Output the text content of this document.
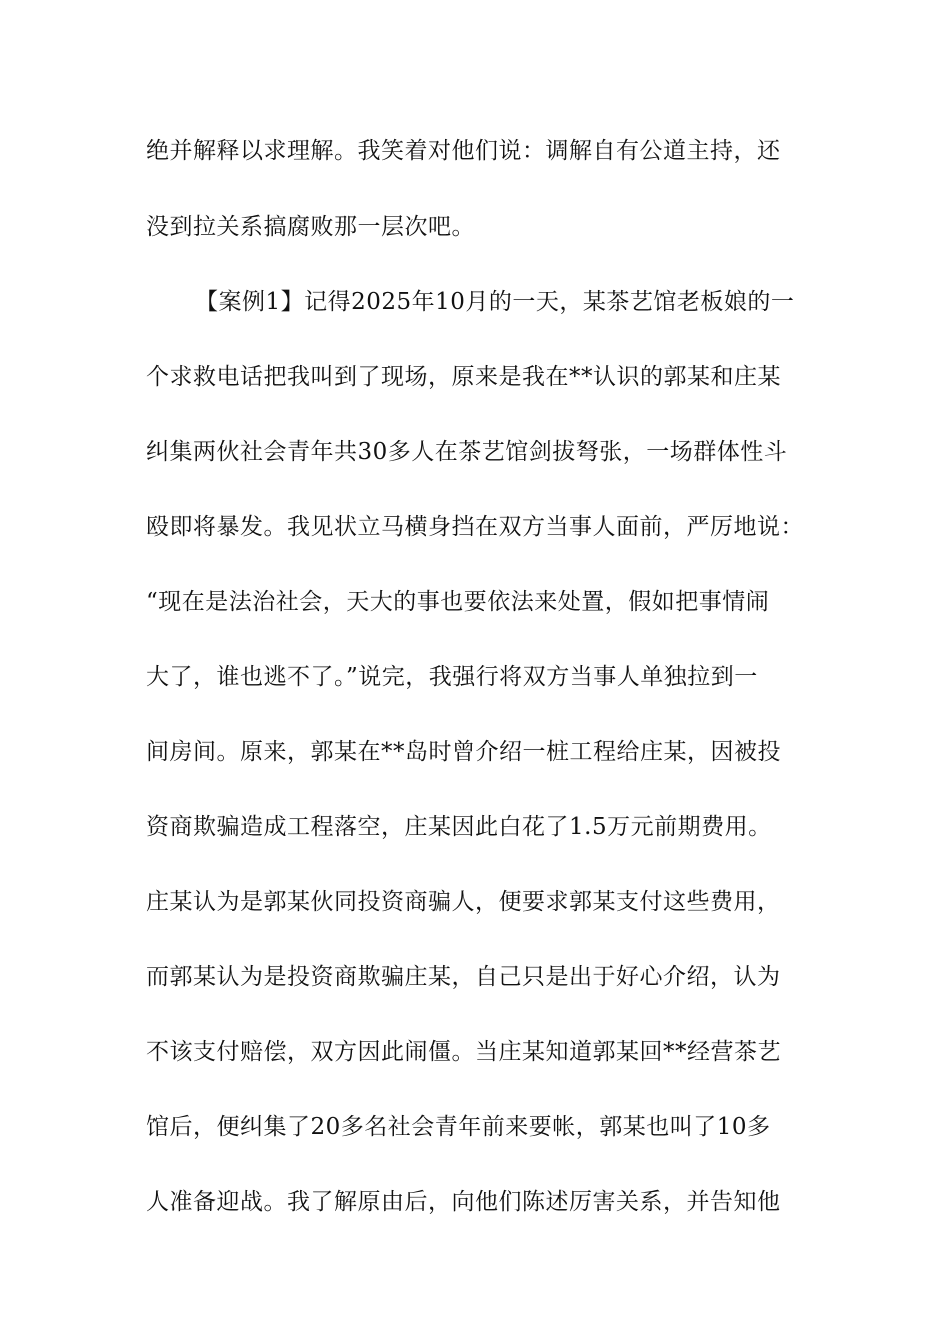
绝并解释以求理解。我笑着对他们说：调解自有公道主持，还
没到拉关系搞腐败那一层次吧。
【案例1】记得2025年10月的一天，某茶艺馆老板娘的一
个求救电话把我叫到了现场，原来是我在**认识的郭某和庄某
纠集两伙社会青年共30多人在茶艺馆剑拔弩张，一场群体性斗
殴即将暴发。我见状立马横身挡在双方当事人面前，严厉地说：
“现在是法治社会，天大的事也要依法来处置，假如把事情闹
大了，谁也逃不了。”说完，我强行将双方当事人单独拉到一
间房间。原来，郭某在**岛时曾介绍一桩工程给庄某，因被投
资商欺骗造成工程落空，庄某因此白花了1.5万元前期费用。
庄某认为是郭某伙同投资商骗人，便要求郭某支付这些费用，
而郭某认为是投资商欺骗庄某，自己只是出于好心介绍，认为
不该支付赔偿，双方因此闹僵。当庄某知道郭某回**经营茶艺
馆后，便纠集了20多名社会青年前来要帐，郭某也叫了10多
人准备迎战。我了解原由后，向他们陈述厉害关系，并告知他
